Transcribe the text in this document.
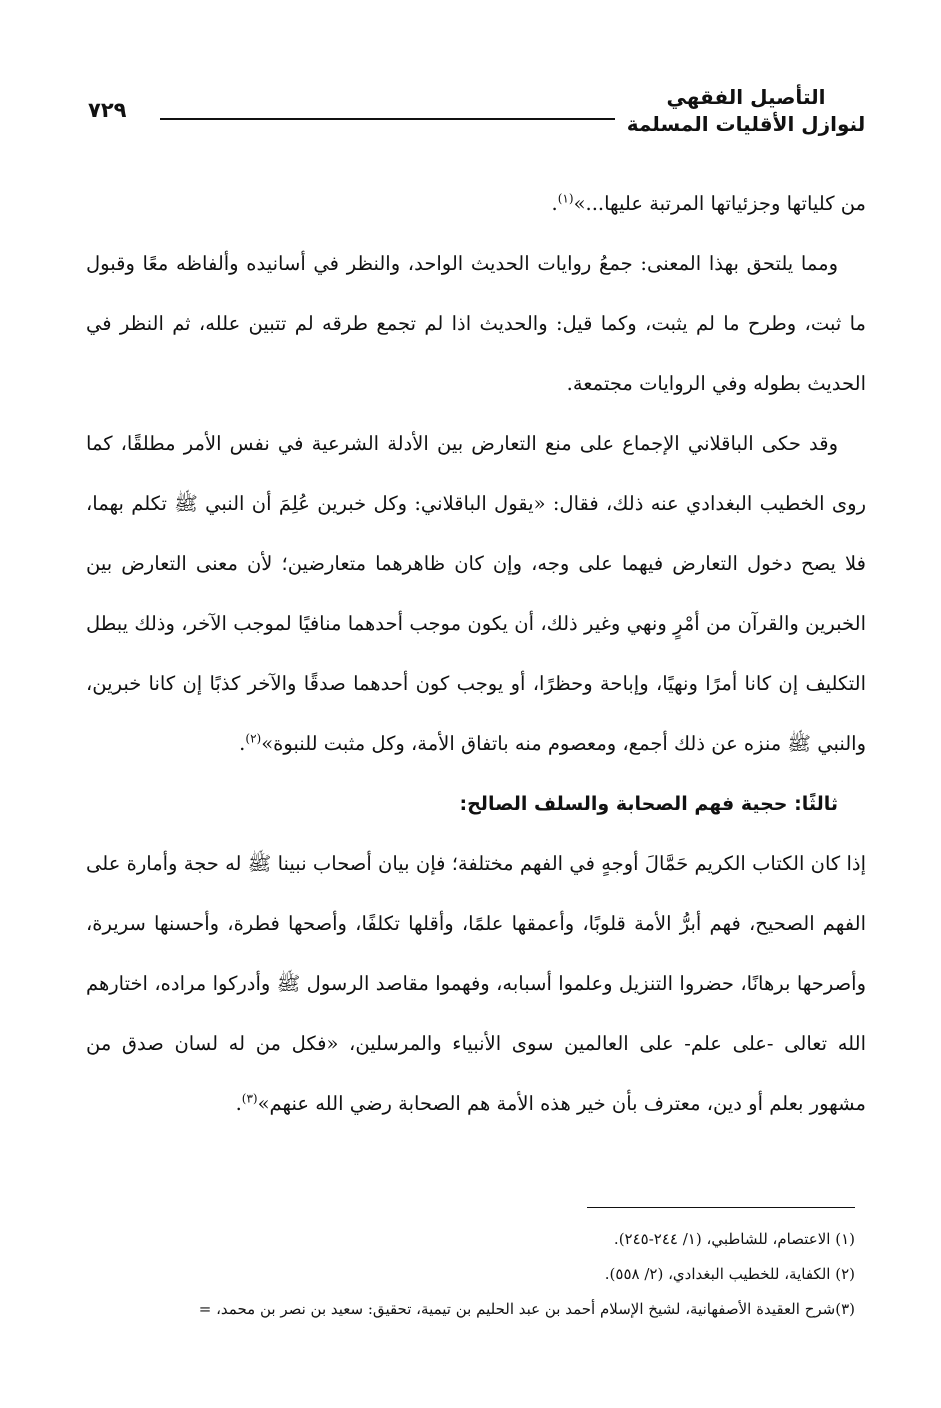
التأصيل الفقهي
لنوازل الأقليات المسلمة
٧٢٩

من كلياتها وجزئياتها المرتبة عليها...»$^{(١)}$.

ومما يلتحق بهذا المعنى: جمعُ روايات الحديث الواحد، والنظر في أسانيده وألفاظه معًا وقبول ما ثبت، وطرح ما لم يثبت، وكما قيل: والحديث اذا لم تجمع طرقه لم تتبين علله، ثم النظر في الحديث بطوله وفي الروايات مجتمعة.

وقد حكى الباقلاني الإجماع على منع التعارض بين الأدلة الشرعية في نفس الأمر مطلقًا، كما روى الخطيب البغدادي عنه ذلك، فقال: «يقول الباقلاني: وكل خبرين عُلِمَ أن النبي ﷺ تكلم بهما، فلا يصح دخول التعارض فيهما على وجه، وإن كان ظاهرهما متعارضين؛ لأن معنى التعارض بين الخبرين والقرآن من أمْرٍ ونهي وغير ذلك، أن يكون موجب أحدهما منافيًا لموجب الآخر، وذلك يبطل التكليف إن كانا أمرًا ونهيًا، وإباحة وحظرًا، أو يوجب كون أحدهما صدقًا والآخر كذبًا إن كانا خبرين، والنبي ﷺ منزه عن ذلك أجمع، ومعصوم منه باتفاق الأمة، وكل مثبت للنبوة»$^{(٢)}$.

ثالثًا: حجية فهم الصحابة والسلف الصالح:

إذا كان الكتاب الكريم حَمَّالَ أوجهٍ في الفهم مختلفة؛ فإن بيان أصحاب نبينا ﷺ له حجة وأمارة على الفهم الصحيح، فهم أبرُّ الأمة قلوبًا، وأعمقها علمًا، وأقلها تكلفًا، وأصحها فطرة، وأحسنها سريرة، وأصرحها برهانًا، حضروا التنزيل وعلموا أسبابه، وفهموا مقاصد الرسول ﷺ وأدركوا مراده، اختارهم الله تعالى -على علم- على العالمين سوى الأنبياء والمرسلين، «فكل من له لسان صدق من مشهور بعلم أو دين، معترف بأن خير هذه الأمة هم الصحابة رضي الله عنهم»$^{(٣)}$.

(١) الاعتصام، للشاطبي، (١/ ٢٤٤-٢٤٥).

(٢) الكفاية، للخطيب البغدادي، (٢/ ٥٥٨).

(٣)شرح العقيدة الأصفهانية، لشيخ الإسلام أحمد بن عبد الحليم بن تيمية، تحقيق: سعيد بن نصر بن محمد، =
